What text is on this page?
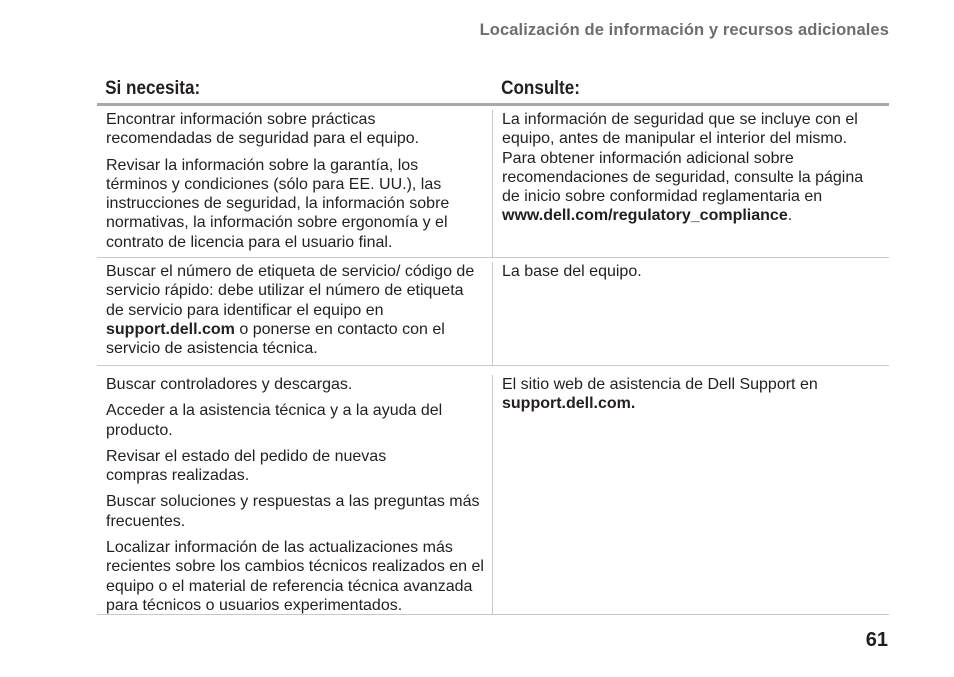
Localización de información y recursos adicionales
Si necesita:	Consulte:

Encontrar información sobre prácticas recomendadas de seguridad para el equipo.

Revisar la información sobre la garantía, los términos y condiciones (sólo para EE. UU.), las instrucciones de seguridad, la información sobre normativas, la información sobre ergonomía y el contrato de licencia para el usuario final.

La información de seguridad que se incluye con el equipo, antes de manipular el interior del mismo. Para obtener información adicional sobre recomendaciones de seguridad, consulte la página de inicio sobre conformidad reglamentaria en www.dell.com/regulatory_compliance.

Buscar el número de etiqueta de servicio/ código de servicio rápido: debe utilizar el número de etiqueta de servicio para identificar el equipo en support.dell.com o ponerse en contacto con el servicio de asistencia técnica.

La base del equipo.

Buscar controladores y descargas.

Acceder a la asistencia técnica y a la ayuda del producto.

Revisar el estado del pedido de nuevas compras realizadas.

Buscar soluciones y respuestas a las preguntas más frecuentes.

Localizar información de las actualizaciones más recientes sobre los cambios técnicos realizados en el equipo o el material de referencia técnica avanzada para técnicos o usuarios experimentados.

El sitio web de asistencia de Dell Support en support.dell.com.

61
